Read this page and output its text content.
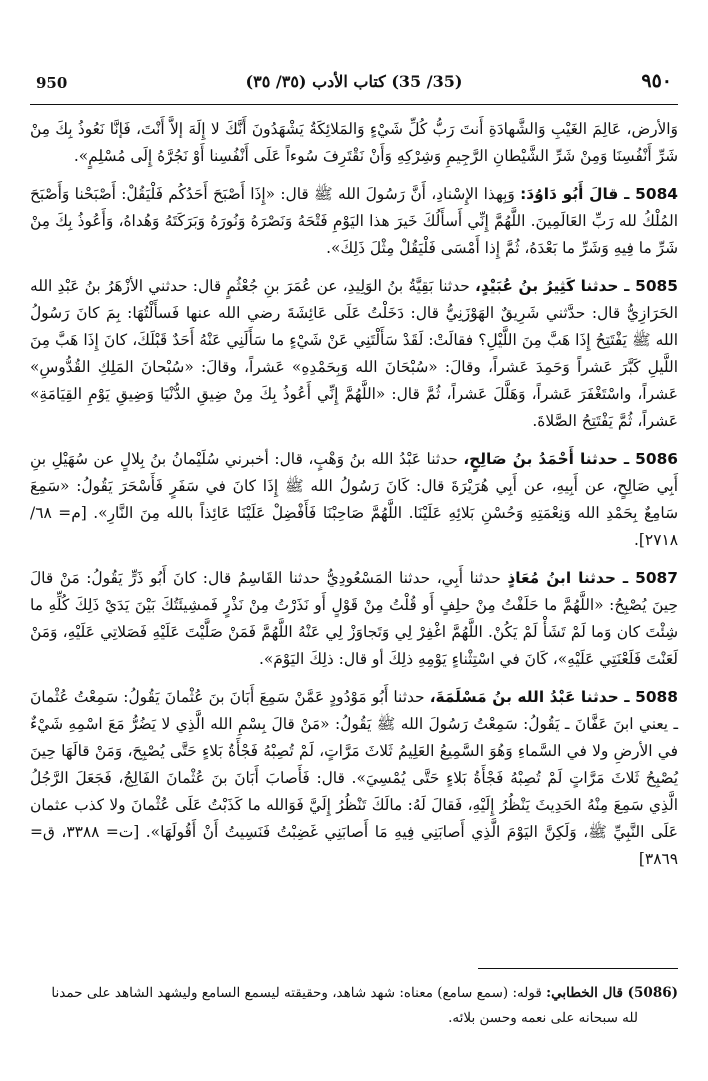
٩٥٠
(35/ 35) كتاب الأدب (٣٥/ ٣٥)
950

وَالأرض، عَالِمَ الغَيْبِ وَالشَّهادَةِ أَنتَ رَبُّ كُلِّ شَيْءٍ وَالمَلائِكَةُ يَشْهَدُونَ أَنَّكَ لا إِلَهَ إلاَّ أَنْتَ، فَإنَّا نَعُوذُ بِكَ مِنْ شَرِّ أَنْفُسِنَا وَمِنْ شَرِّ الشَّيْطانِ الرَّجِيمِ وَشِرْكِهِ وَأَنْ نَقْتَرِفَ سُوءاً عَلَى أَنْفُسِنا أَوْ نَجُرَّهُ إِلَى مُسْلِمٍ».

5084 ـ قالَ أَبُو دَاوُدَ: وَبِهذا الإِسْنادِ، أَنَّ رَسُولَ الله ﷺ قال: «إِذَا أَصْبَحَ أَحَدُكُم فَلْيَقُلْ: أَصْبَحْنا وَأَصْبَحَ المُلْكُ لله رَبِّ العَالَمِينَ. اللَّهُمَّ إِنِّي أَسأَلُكَ خَيرَ هذا اليَوْمِ فَتْحَهُ وَنَصْرَهُ وَنُورَهُ وَبَرَكَتَهُ وَهُداهُ، وَأَعُوذُ بِكَ مِنْ شَرِّ ما فِيهِ وَشَرِّ ما بَعْدَهُ، ثُمَّ إِذا أَمْسَى فَلْيَقُلْ مِثْلَ ذَلِكَ».

5085 ـ حدثنا كَثِيرُ بنُ عُبَيْدٍ، حدثنا بَقِيَّةُ بنُ الوَلِيدِ، عن عُمَرَ بنِ جُعْثُمٍ قال: حدثني الأزْهَرُ بنُ عَبْدِ الله الحَرَازِيُّ قال: حدَّثني شَرِيقٌ الهَوْزَنِيُّ قال: دَخَلْتُ عَلَى عَائِشَةَ رضي الله عنها فَسأَلْتُهَا: بِمَ كانَ رَسُولُ الله ﷺ يَفْتَتِحُ إِذَا هَبَّ مِنَ اللَّيْلِ؟ فقالَتْ: لَقَدْ سَأَلْتَنِي عَنْ شَيْءٍ ما سَأَلَنِي عَنْهُ أَحَدٌ قَبْلَكَ، كانَ إِذَا هَبَّ مِنَ اللَّيلِ كَبَّرَ عَشراً وَحَمِدَ عَشراً، وقالَ: «سُبْحَانَ الله وَبِحَمْدِهِ» عَشراً، وقالَ: «سُبْحانَ المَلِكِ القُدُّوسِ» عَشراً، واسْتَغْفَرَ عَشراً، وَهَلَّلَ عَشراً، ثُمَّ قال: «اللَّهُمَّ إِنِّي أَعُوذُ بِكَ مِنْ ضِيقِ الدُّنْيَا وَضِيقِ يَوْمِ القِيَامَةِ» عَشراً، ثُمَّ يَفْتَتِحُ الصَّلاةَ.

5086 ـ حدثنا أَحْمَدُ بنُ صَالِحٍ، حدثنا عَبْدُ الله بنُ وَهْبٍ، قال: أخبرني سُلَيْمانُ بنُ بِلالٍ عن سُهَيْلِ بنِ أَبِي صَالِحٍ، عن أَبِيهِ، عن أَبِي هُرَيْرَةَ قال: كَانَ رَسُولُ الله ﷺ إِذَا كانَ في سَفَرٍ فَأَسْحَرَ يَقُولُ: «سَمِعَ سَامِعٌ بِحَمْدِ الله وَنِعْمَتِهِ وَحُسْنِ بَلائِهِ عَلَيْنَا. اللَّهُمَّ صَاحِبْنَا فَأَفْضِلْ عَلَيْنَا عَائِذاً بالله مِنَ النَّارِ». [م= ٦٨/ ٢٧١٨].

5087 ـ حدثنا ابنُ مُعَاذٍ حدثنا أَبِي، حدثنا المَسْعُودِيُّ حدثنا القَاسِمُ قال: كانَ أَبُو ذَرٍّ يَقُولُ: مَنْ قالَ حِينَ يُصْبِحُ: «اللَّهُمَّ ما حَلَفْتُ مِنْ حلِفٍ أَو قُلْتُ مِنْ قَوْلٍ أَو نَذَرْتُ مِنْ نَذْرٍ فَمشِيئَتُكَ بَيْنَ يَدَيْ ذَلِكَ كُلِّهِ ما شِئْتَ كان وَما لَمْ تَشَأْ لَمْ يَكُنْ. اللَّهُمَّ اغْفِرْ لِي وَتَجاوَزْ لِي عَنْهُ اللَّهُمَّ فَمَنْ صَلَّيْتَ عَلَيْهِ فَصَلاتِي عَلَيْهِ، وَمَنْ لَعَنْتَ فَلَعْنَتِي عَلَيْهِ»، كَانَ في اسْتِثْناءٍ يَوْمِهِ ذلِكَ أو قال: ذلِكَ اليَوْمَ».

5088 ـ حدثنا عَبْدُ الله بنُ مَسْلَمَةَ، حدثنا أَبُو مَوْدُودٍ عَمَّنْ سَمِعَ أَبَانَ بنَ عُثْمانَ يَقُولُ: سَمِعْتُ عُثْمانَ ـ يعني ابنَ عَفَّانَ ـ يَقُولُ: سَمِعْتُ رَسُولَ الله ﷺ يَقُولُ: «مَنْ قالَ بِسْمِ الله الَّذِي لا يَضُرُّ مَعَ اسْمِهِ شَيْءٌ في الأرضِ ولا في السَّماءِ وَهُوَ السَّمِيعُ العَلِيمُ ثَلاثَ مَرَّاتٍ، لَمْ تُصِبْهُ فَجْأَةُ بَلاءٍ حَتَّى يُصْبِحَ، وَمَنْ قالَهَا حِينَ يُصْبِحُ ثَلاثَ مَرَّاتٍ لَمْ تُصِبْهُ فَجْأَةُ بَلاءٍ حَتَّى يُمْسِيَ». قال: فَأَصابَ أَبَانَ بنَ عُثْمانَ الفَالِجُ، فَجَعَلَ الرَّجُلُ الَّذِي سَمِعَ مِنْهُ الحَدِيثَ يَنْظُرُ إِلَيْهِ، فَقالَ لَهُ: مالَكَ تَنْظُرُ إِلَيَّ فَوَالله ما كَذَبْتُ عَلَى عُثْمانَ ولا كذب عثمان عَلَى النَّبِيِّ ﷺ، وَلَكِنَّ اليَوْمَ الَّذِي أَصابَنِي فِيهِ مَا أَصابَنِي غَضِبْتُ فَنَسِيتُ أَنْ أَقُولَهَا». [ت= ٣٣٨٨، ق= ٣٨٦٩]

(5086) قال الخطابي: قوله: (سمع سامع) معناه: شهد شاهد، وحقيقته ليسمع السامع وليشهد الشاهد على حمدنا
لله سبحانه على نعمه وحسن بلائه.
